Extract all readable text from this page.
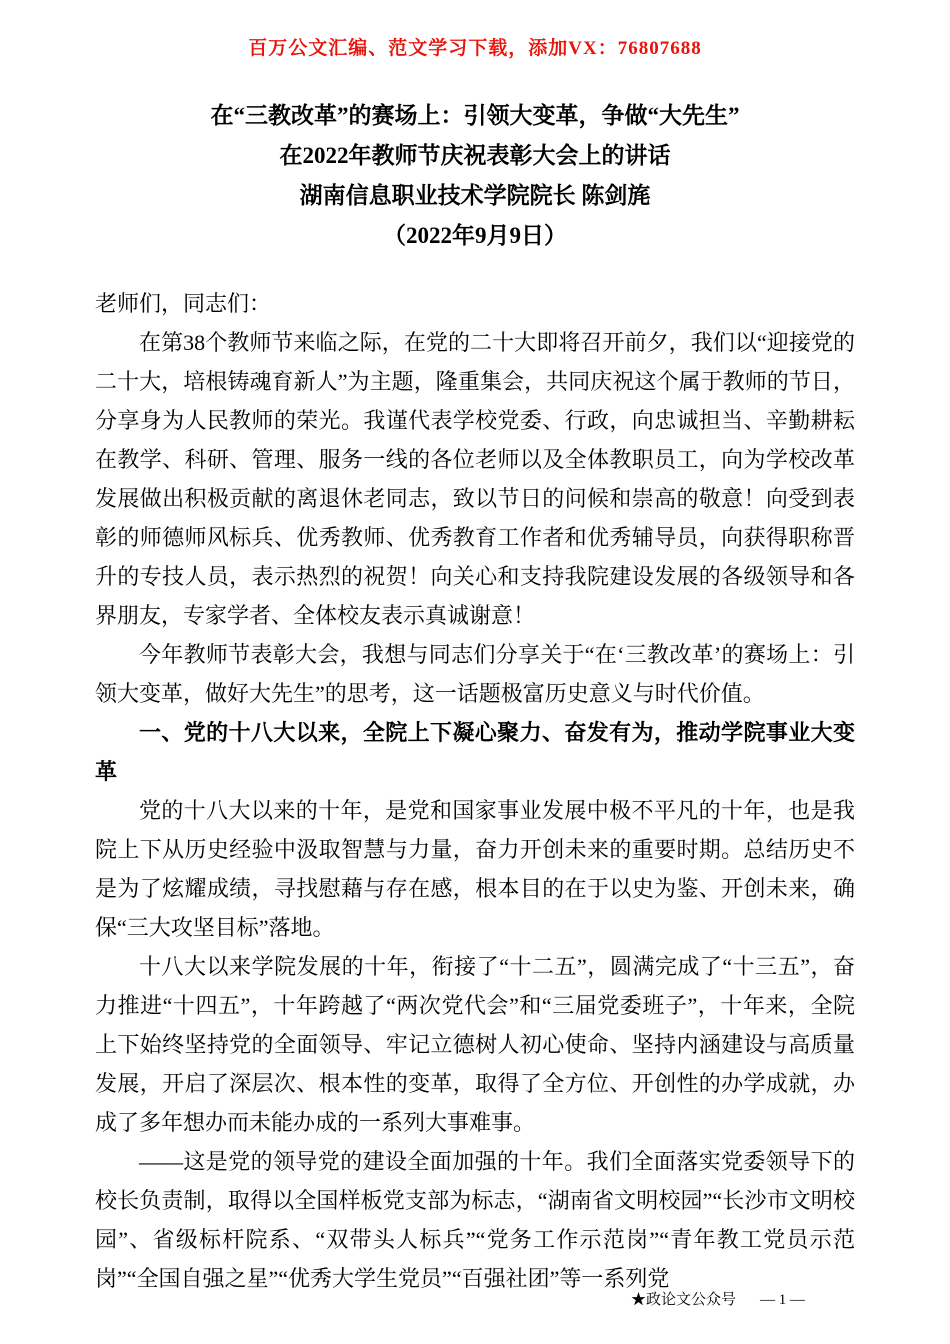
百万公文汇编、范文学习下载，添加VX：76807688

在“三教改革”的赛场上：引领大变革，争做“大先生”

在2022年教师节庆祝表彰大会上的讲话

湖南信息职业技术学院院长 陈剑旄

（2022年9月9日）

老师们，同志们：

在第38个教师节来临之际，在党的二十大即将召开前夕，我们以“迎接党的二十大，培根铸魂育新人”为主题，隆重集会，共同庆祝这个属于教师的节日，分享身为人民教师的荣光。我谨代表学校党委、行政，向忠诚担当、辛勤耕耘在教学、科研、管理、服务一线的各位老师以及全体教职员工，向为学校改革发展做出积极贡献的离退休老同志，致以节日的问候和崇高的敬意！向受到表彰的师德师风标兵、优秀教师、优秀教育工作者和优秀辅导员，向获得职称晋升的专技人员，表示热烈的祝贺！向关心和支持我院建设发展的各级领导和各界朋友，专家学者、全体校友表示真诚谢意！

今年教师节表彰大会，我想与同志们分享关于“在‘三教改革’的赛场上：引领大变革，做好大先生”的思考，这一话题极富历史意义与时代价值。

一、党的十八大以来，全院上下凝心聚力、奋发有为，推动学院事业大变革

党的十八大以来的十年，是党和国家事业发展中极不平凡的十年，也是我院上下从历史经验中汲取智慧与力量，奋力开创未来的重要时期。总结历史不是为了炫耀成绩，寻找慰藉与存在感，根本目的在于以史为鉴、开创未来，确保“三大攻坚目标”落地。

十八大以来学院发展的十年，衔接了“十二五”，圆满完成了“十三五”，奋力推进“十四五”，十年跨越了“两次党代会”和“三届党委班子”，十年来，全院上下始终坚持党的全面领导、牢记立德树人初心使命、坚持内涵建设与高质量发展，开启了深层次、根本性的变革，取得了全方位、开创性的办学成就，办成了多年想办而未能办成的一系列大事难事。

——这是党的领导党的建设全面加强的十年。我们全面落实党委领导下的校长负责制，取得以全国样板党支部为标志，“湖南省文明校园”“长沙市文明校园”、省级标杆院系、“双带头人标兵”“党务工作示范岗”“青年教工党员示范岗”“全国自强之星”“优秀大学生党员”“百强社团”等一系列党

★政论文公众号 — 1 —
